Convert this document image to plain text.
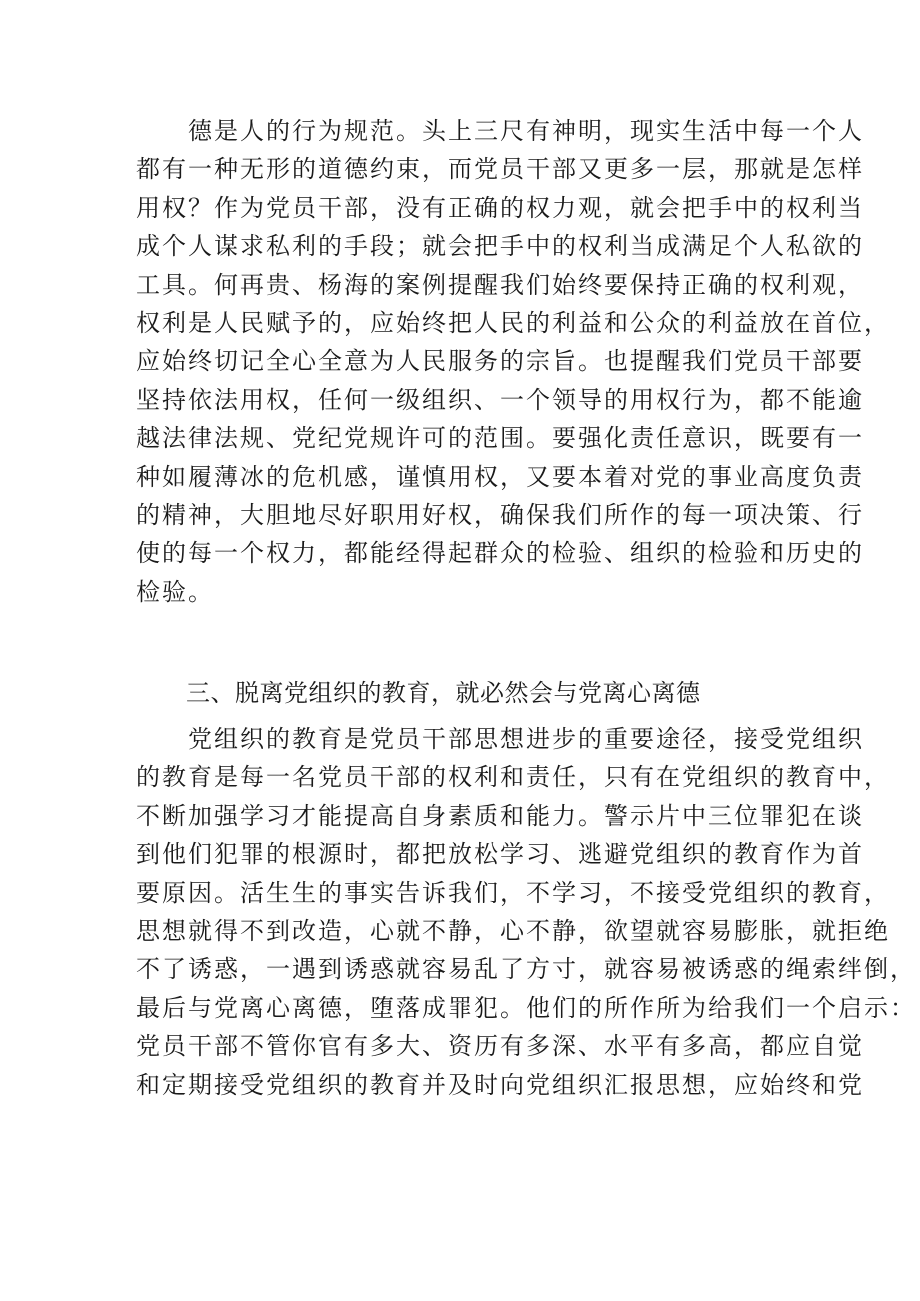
德是人的行为规范。头上三尺有神明，现实生活中每一个人
都有一种无形的道德约束，而党员干部又更多一层，那就是怎样
用权？作为党员干部，没有正确的权力观，就会把手中的权利当
成个人谋求私利的手段；就会把手中的权利当成满足个人私欲的
工具。何再贵、杨海的案例提醒我们始终要保持正确的权利观，
权利是人民赋予的，应始终把人民的利益和公众的利益放在首位，
应始终切记全心全意为人民服务的宗旨。也提醒我们党员干部要
坚持依法用权，任何一级组织、一个领导的用权行为，都不能逾
越法律法规、党纪党规许可的范围。要强化责任意识，既要有一
种如履薄冰的危机感，谨慎用权，又要本着对党的事业高度负责
的精神，大胆地尽好职用好权，确保我们所作的每一项决策、行
使的每一个权力，都能经得起群众的检验、组织的检验和历史的
检验。
三、脱离党组织的教育，就必然会与党离心离德
党组织的教育是党员干部思想进步的重要途径，接受党组织
的教育是每一名党员干部的权利和责任，只有在党组织的教育中，
不断加强学习才能提高自身素质和能力。警示片中三位罪犯在谈
到他们犯罪的根源时，都把放松学习、逃避党组织的教育作为首
要原因。活生生的事实告诉我们，不学习，不接受党组织的教育，
思想就得不到改造，心就不静，心不静，欲望就容易膨胀，就拒绝
不了诱惑，一遇到诱惑就容易乱了方寸，就容易被诱惑的绳索绊倒，
最后与党离心离德，堕落成罪犯。他们的所作所为给我们一个启示：
党员干部不管你官有多大、资历有多深、水平有多高，都应自觉
和定期接受党组织的教育并及时向党组织汇报思想，应始终和党
